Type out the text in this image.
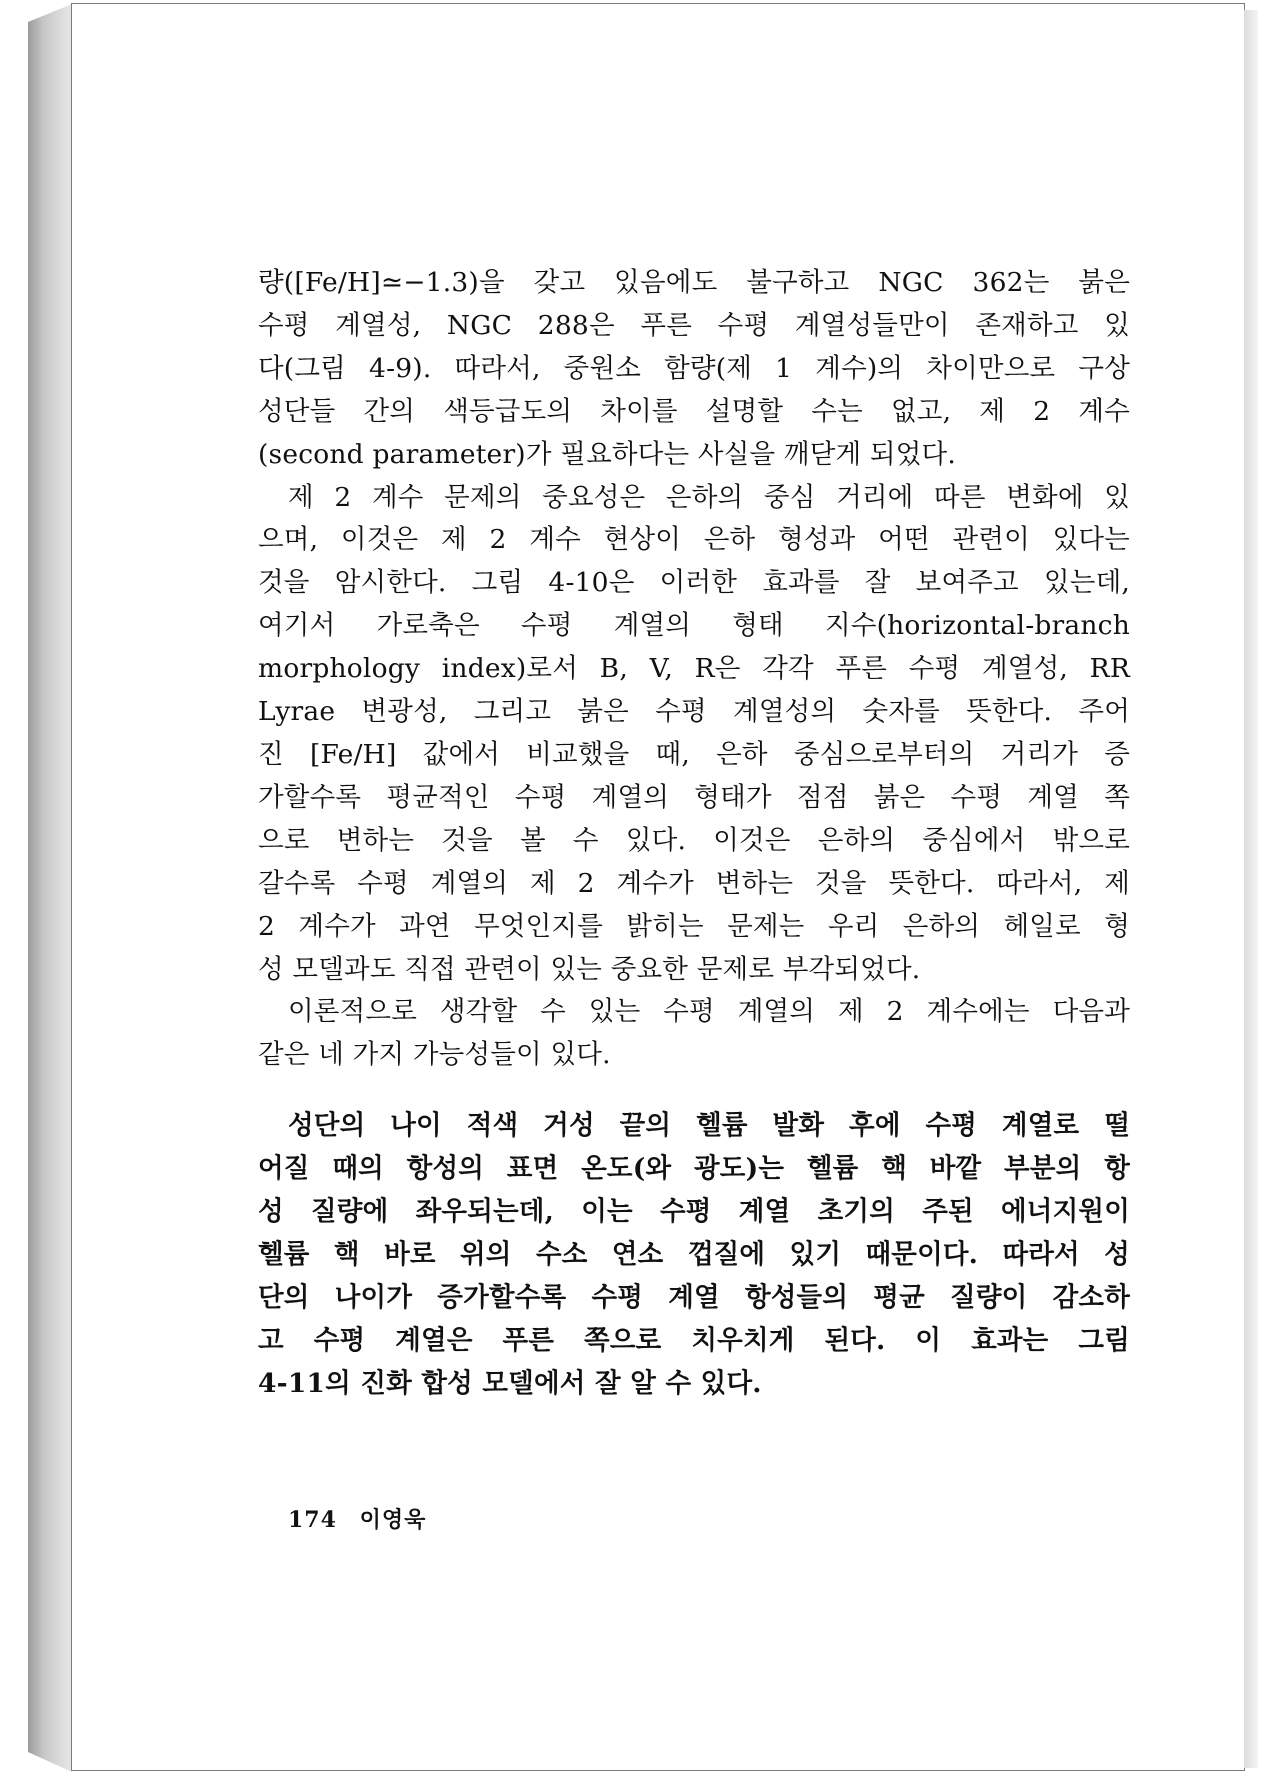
량([Fe/H]≃−1.3)을 갖고 있음에도 불구하고 NGC 362는 붉은
수평 계열성, NGC 288은 푸른 수평 계열성들만이 존재하고 있
다(그림 4-9). 따라서, 중원소 함량(제 1 계수)의 차이만으로 구상
성단들 간의 색등급도의 차이를 설명할 수는 없고, 제 2 계수
(second parameter)가 필요하다는 사실을 깨닫게 되었다.
제 2 계수 문제의 중요성은 은하의 중심 거리에 따른 변화에 있
으며, 이것은 제 2 계수 현상이 은하 형성과 어떤 관련이 있다는
것을 암시한다. 그림 4-10은 이러한 효과를 잘 보여주고 있는데,
여기서 가로축은 수평 계열의 형태 지수(horizontal-branch
morphology index)로서 B, V, R은 각각 푸른 수평 계열성, RR
Lyrae 변광성, 그리고 붉은 수평 계열성의 숫자를 뜻한다. 주어
진 [Fe/H] 값에서 비교했을 때, 은하 중심으로부터의 거리가 증
가할수록 평균적인 수평 계열의 형태가 점점 붉은 수평 계열 쪽
으로 변하는 것을 볼 수 있다. 이것은 은하의 중심에서 밖으로
갈수록 수평 계열의 제 2 계수가 변하는 것을 뜻한다. 따라서, 제
2 계수가 과연 무엇인지를 밝히는 문제는 우리 은하의 헤일로 형
성 모델과도 직접 관련이 있는 중요한 문제로 부각되었다.
이론적으로 생각할 수 있는 수평 계열의 제 2 계수에는 다음과
같은 네 가지 가능성들이 있다.
성단의 나이 적색 거성 끝의 헬륨 발화 후에 수평 계열로 떨
어질 때의 항성의 표면 온도(와 광도)는 헬륨 핵 바깥 부분의 항
성 질량에 좌우되는데, 이는 수평 계열 초기의 주된 에너지원이
헬륨 핵 바로 위의 수소 연소 껍질에 있기 때문이다. 따라서 성
단의 나이가 증가할수록 수평 계열 항성들의 평균 질량이 감소하
고 수평 계열은 푸른 쪽으로 치우치게 된다. 이 효과는 그림
4-11의 진화 합성 모델에서 잘 알 수 있다.
174 이영욱
